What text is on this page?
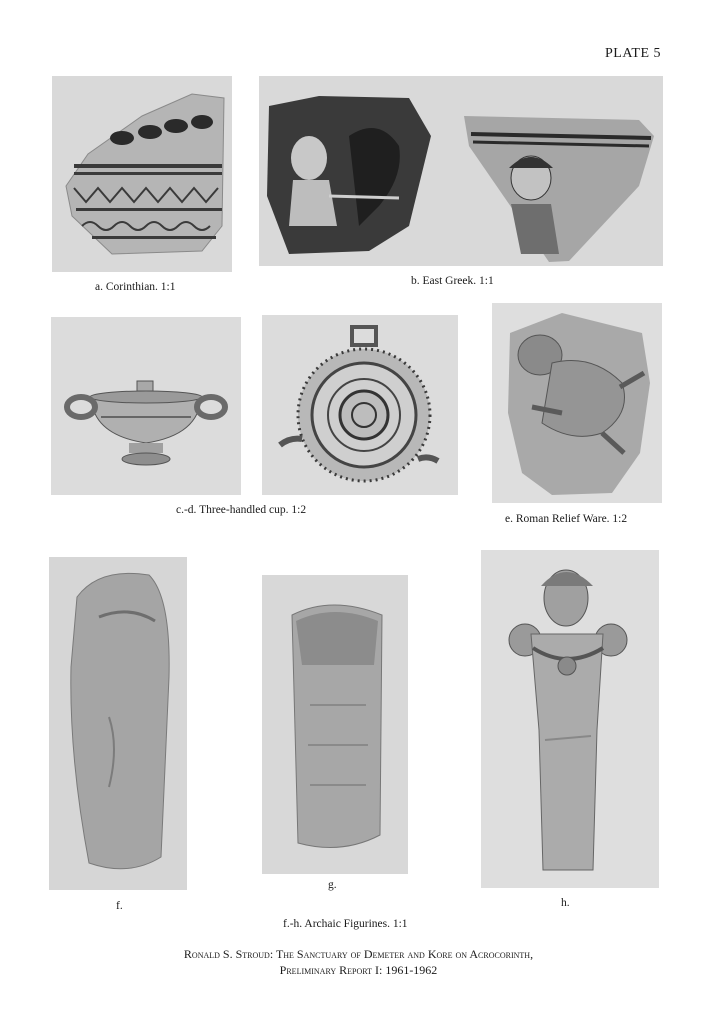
PLATE 5
a. Corinthian. 1:1	b. East Greek. 1:1
c.-d. Three-handled cup. 1:2
e. Roman Relief Ware. 1:2
f.
g.
h.
f.-h. Archaic Figurines. 1:1
Ronald S. Stroud: The Sanctuary of Demeter and Kore on Acrocorinth,
Preliminary Report I: 1961-1962
